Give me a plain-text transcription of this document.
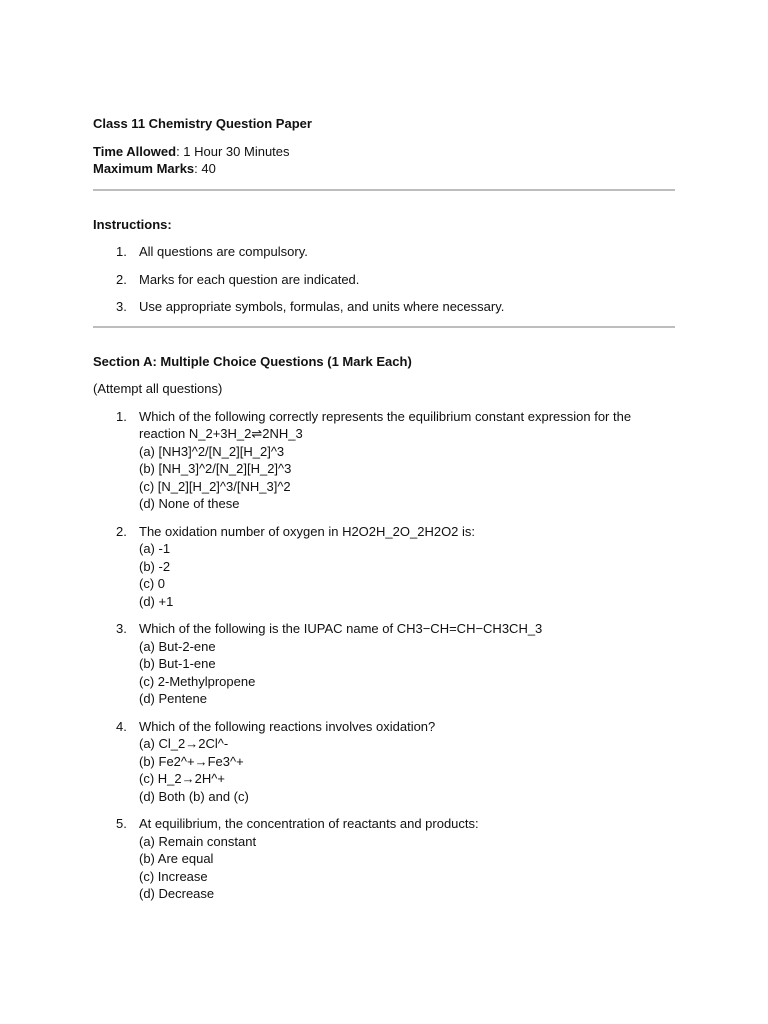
Class 11 Chemistry Question Paper

Time Allowed: 1 Hour 30 Minutes

Maximum Marks: 40

Instructions:

1. All questions are compulsory.
2. Marks for each question are indicated.
3. Use appropriate symbols, formulas, and units where necessary.

Section A: Multiple Choice Questions (1 Mark Each)

(Attempt all questions)

1. Which of the following correctly represents the equilibrium constant expression for the reaction N_2+3H_2⇌2NH_3
(a) [NH3]^2/[N_2][H_2]^3
(b) [NH_3]^2/[N_2][H_2]^3
(c) [N_2][H_2]^3/[NH_3]^2
(d) None of these
2. The oxidation number of oxygen in H2O2H_2O_2H2O2 is:
(a) -1
(b) -2
(c) 0
(d) +1
3. Which of the following is the IUPAC name of CH3−CH=CH−CH3CH_3
(a) But-2-ene
(b) But-1-ene
(c) 2-Methylpropene
(d) Pentene
4. Which of the following reactions involves oxidation?
(a) Cl_2→2Cl^-
(b) Fe2^+→Fe3^+
(c) H_2→2H^+
(d) Both (b) and (c)
5. At equilibrium, the concentration of reactants and products:
(a) Remain constant
(b) Are equal
(c) Increase
(d) Decrease
